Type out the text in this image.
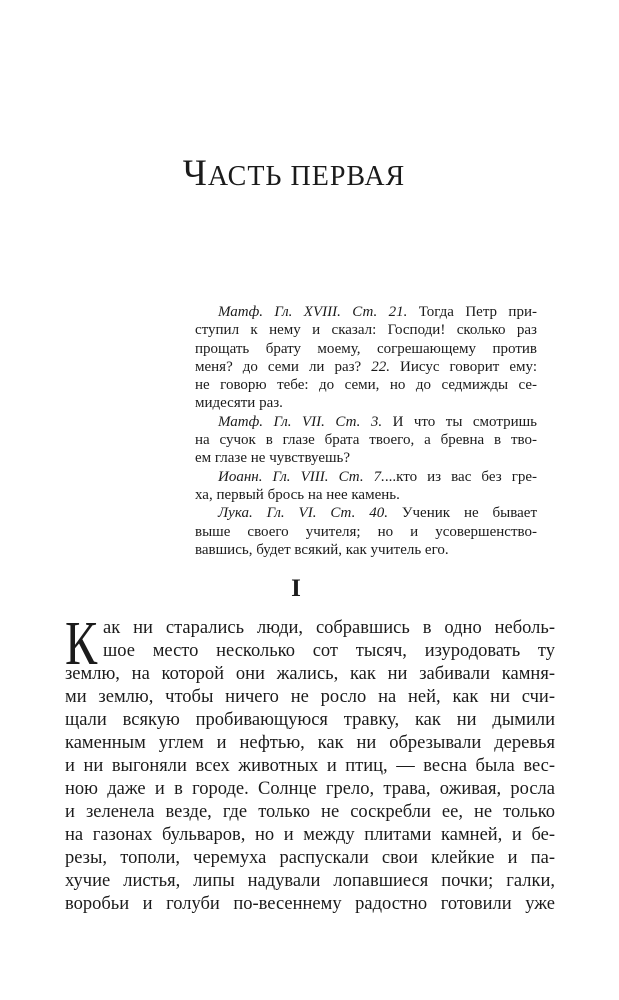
ЧАСТЬ ПЕРВАЯ
Матф. Гл. XVIII. Ст. 21. Тогда Петр при-
ступил к нему и сказал: Господи! сколько раз
прощать брату моему, согрешающему против
меня? до семи ли раз? 22. Иисус говорит ему:
не говорю тебе: до семи, но до седмижды се-
мидесяти раз.
Матф. Гл. VII. Ст. 3. И что ты смотришь
на сучок в глазе брата твоего, а бревна в тво-
ем глазе не чувствуешь?
Иоанн. Гл. VIII. Ст. 7....кто из вас без гре-
ха, первый брось на нее камень.
Лука. Гл. VI. Ст. 40. Ученик не бывает
выше своего учителя; но и усовершенство-
вавшись, будет всякий, как учитель его.
I
К ак ни старались люди, собравшись в одно неболь-
шое место несколько сот тысяч, изуродовать ту
землю, на которой они жались, как ни забивали камня-
ми землю, чтобы ничего не росло на ней, как ни счи-
щали всякую пробивающуюся травку, как ни дымили
каменным углем и нефтью, как ни обрезывали деревья
и ни выгоняли всех животных и птиц, — весна была вес-
ною даже и в городе. Солнце грело, трава, оживая, росла
и зеленела везде, где только не соскребли ее, не только
на газонах бульваров, но и между плитами камней, и бе-
резы, тополи, черемуха распускали свои клейкие и па-
хучие листья, липы надували лопавшиеся почки; галки,
воробьи и голуби по-весеннему радостно готовили уже
